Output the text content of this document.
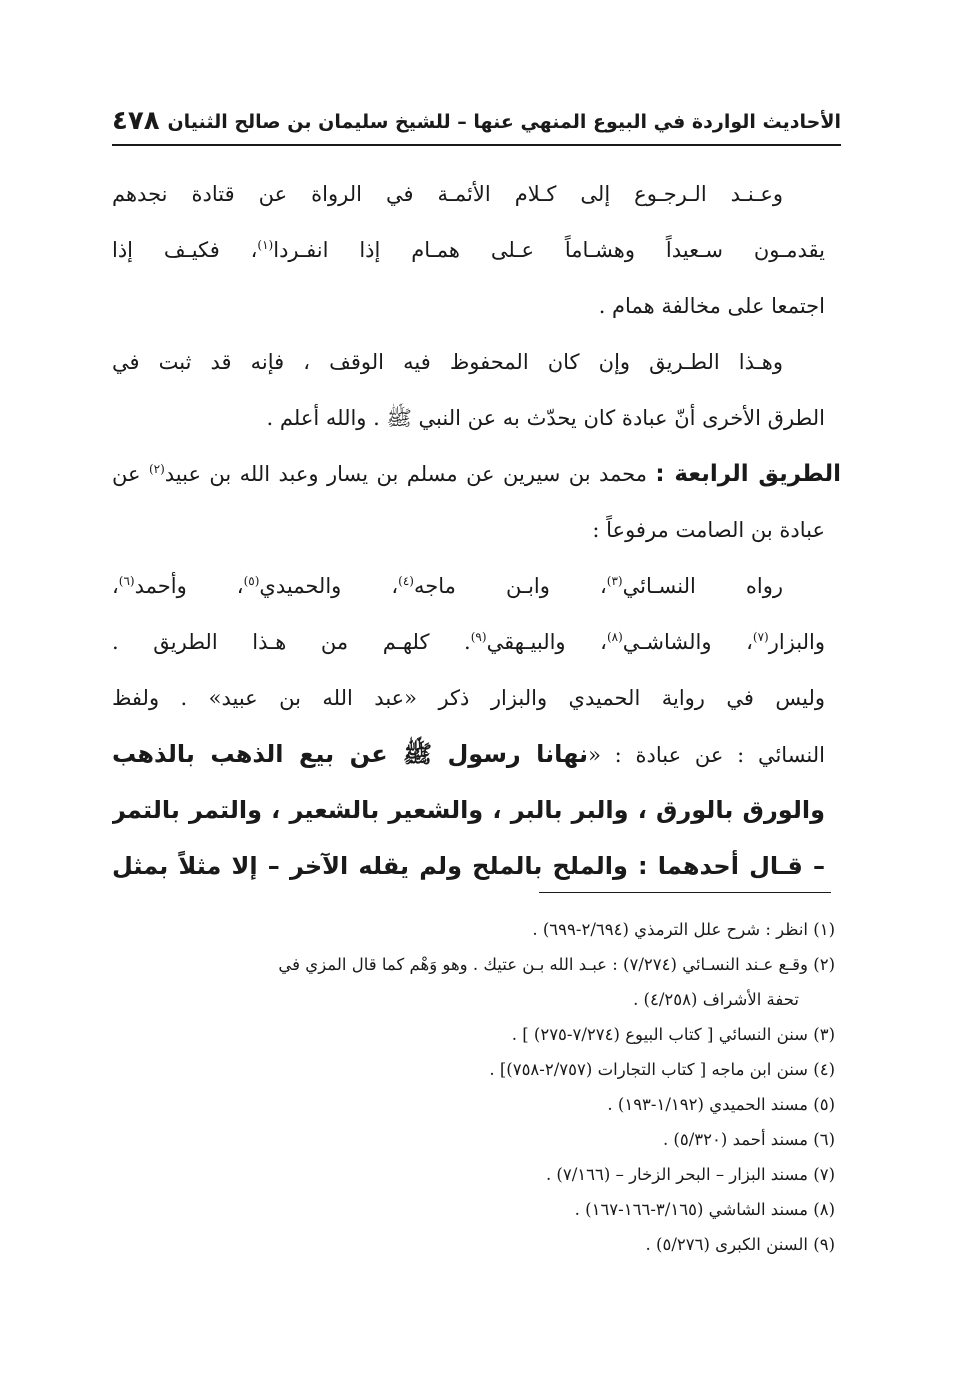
الأحاديث الواردة في البيوع المنهي عنها – للشيخ سليمان بن صالح الثنيان
٤٧٨
وعـنـد الـرجـوع إلى كـلام الأئمـة في الرواة عن قتادة نجدهم
يقدمـون سـعيداً وهشـاماً عـلى همـام إذا انفـردا$^{(١)}$، فكيـف إذا
اجتمعا على مخالفة همام .
وهـذا الطـريق وإن كان المحفوظ فيه الوقف ، فإنه قد ثبت في
الطرق الأخرى أنّ عبادة كان يحدّث به عن النبي ﷺ . والله أعلم .
الطريق الرابعة : محمد بن سيرين عن مسلم بن يسار وعبد الله بن عبيد$^{(٢)}$ عن
عبادة بن الصامت مرفوعاً :
رواه النسـائي$^{(٣)}$، وابـن ماجه$^{(٤)}$، والحميدي$^{(٥)}$، وأحمد$^{(٦)}$،
والبزار$^{(٧)}$، والشاشـي$^{(٨)}$، والبيـهقي$^{(٩)}$. كلهـم من هـذا الطريق .
وليس في رواية الحميدي والبزار ذكر «عبد الله بن عبيد» . ولفظ
النسائي : عن عبادة : «نهانا رسول ﷺ عن بيع الذهب بالذهب
والورق بالورق ، والبر بالبر ، والشعير بالشعير ، والتمر بالتمر
– قـال أحدهما : والملح بالملح ولم يقله الآخر – إلا مثلاً بمثل
(١) انظر : شرح علل الترمذي (٢/٦٩٤-٦٩٩) .
(٢) وقـع عـند النسـائي (٧/٢٧٤) : عبـد الله بـن عتيك . وهو وَهْم كما قال المزي في
تحفة الأشراف (٤/٢٥٨) .
(٣) سنن النسائي [ كتاب البيوع (٧/٢٧٤-٢٧٥) ] .
(٤) سنن ابن ماجه [ كتاب التجارات (٢/٧٥٧-٧٥٨)] .
(٥) مسند الحميدي (١/١٩٢-١٩٣) .
(٦) مسند أحمد (٥/٣٢٠) .
(٧) مسند البزار – البحر الزخار – (٧/١٦٦) .
(٨) مسند الشاشي (٣/١٦٥-١٦٦-١٦٧) .
(٩) السنن الكبرى (٥/٢٧٦) .
